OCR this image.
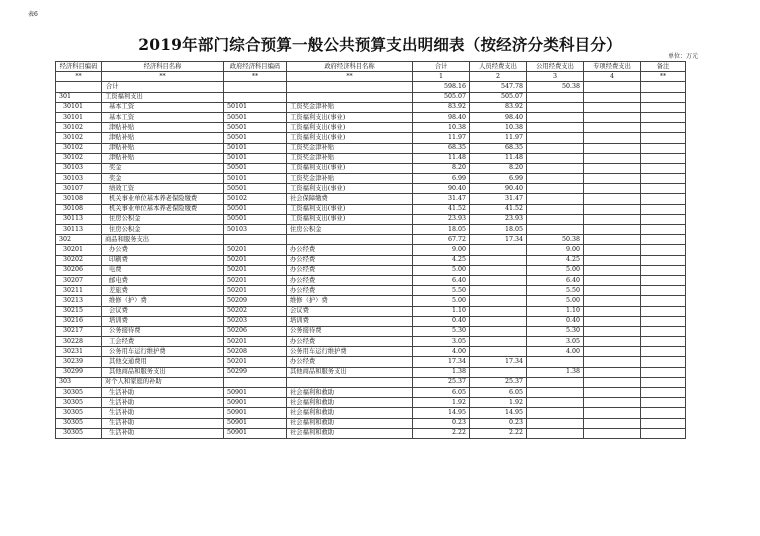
表6
2019年部门综合预算一般公共预算支出明细表（按经济分类科目分）
单位：万元
经济科目编码	经济科目名称	政府经济科目编码	政府经济科目名称	合计	人员经费支出	公用经费支出	专项经费支出	备注
**	**	**	**	1	2	3	4	**
	合计			598.16	547.78	50.38		
301	工资福利支出			505.07	505.07			
30101	基本工资	50101	工资奖金津补贴	83.92	83.92			
30101	基本工资	50501	工资福利支出(事业)	98.40	98.40			
30102	津贴补贴	50501	工资福利支出(事业)	10.38	10.38			
30102	津贴补贴	50501	工资福利支出(事业)	11.97	11.97			
30102	津贴补贴	50101	工资奖金津补贴	68.35	68.35			
30102	津贴补贴	50101	工资奖金津补贴	11.48	11.48			
30103	奖金	50501	工资福利支出(事业)	8.20	8.20			
30103	奖金	50101	工资奖金津补贴	6.99	6.99			
30107	绩效工资	50501	工资福利支出(事业)	90.40	90.40			
30108	机关事业单位基本养老保险缴费	50102	社会保障缴费	31.47	31.47			
30108	机关事业单位基本养老保险缴费	50501	工资福利支出(事业)	41.52	41.52			
30113	住房公积金	50501	工资福利支出(事业)	23.93	23.93			
30113	住房公积金	50103	住房公积金	18.05	18.05			
302	商品和服务支出			67.72	17.34	50.38		
30201	办公费	50201	办公经费	9.00		9.00		
30202	印刷费	50201	办公经费	4.25		4.25		
30206	电费	50201	办公经费	5.00		5.00		
30207	邮电费	50201	办公经费	6.40		6.40		
30211	差旅费	50201	办公经费	5.50		5.50		
30213	维修（护）费	50209	维修（护）费	5.00		5.00		
30215	会议费	50202	会议费	1.10		1.10		
30216	培训费	50203	培训费	0.40		0.40		
30217	公务接待费	50206	公务接待费	5.30		5.30		
30228	工会经费	50201	办公经费	3.05		3.05		
30231	公务用车运行维护费	50208	公务用车运行维护费	4.00		4.00		
30239	其他交通费用	50201	办公经费	17.34	17.34			
30299	其他商品和服务支出	50299	其他商品和服务支出	1.38		1.38		
303	对个人和家庭的补助			25.37	25.37			
30305	生活补助	50901	社会福利和救助	6.05	6.05			
30305	生活补助	50901	社会福利和救助	1.92	1.92			
30305	生活补助	50901	社会福利和救助	14.95	14.95			
30305	生活补助	50901	社会福利和救助	0.23	0.23			
30305	生活补助	50901	社会福利和救助	2.22	2.22			
